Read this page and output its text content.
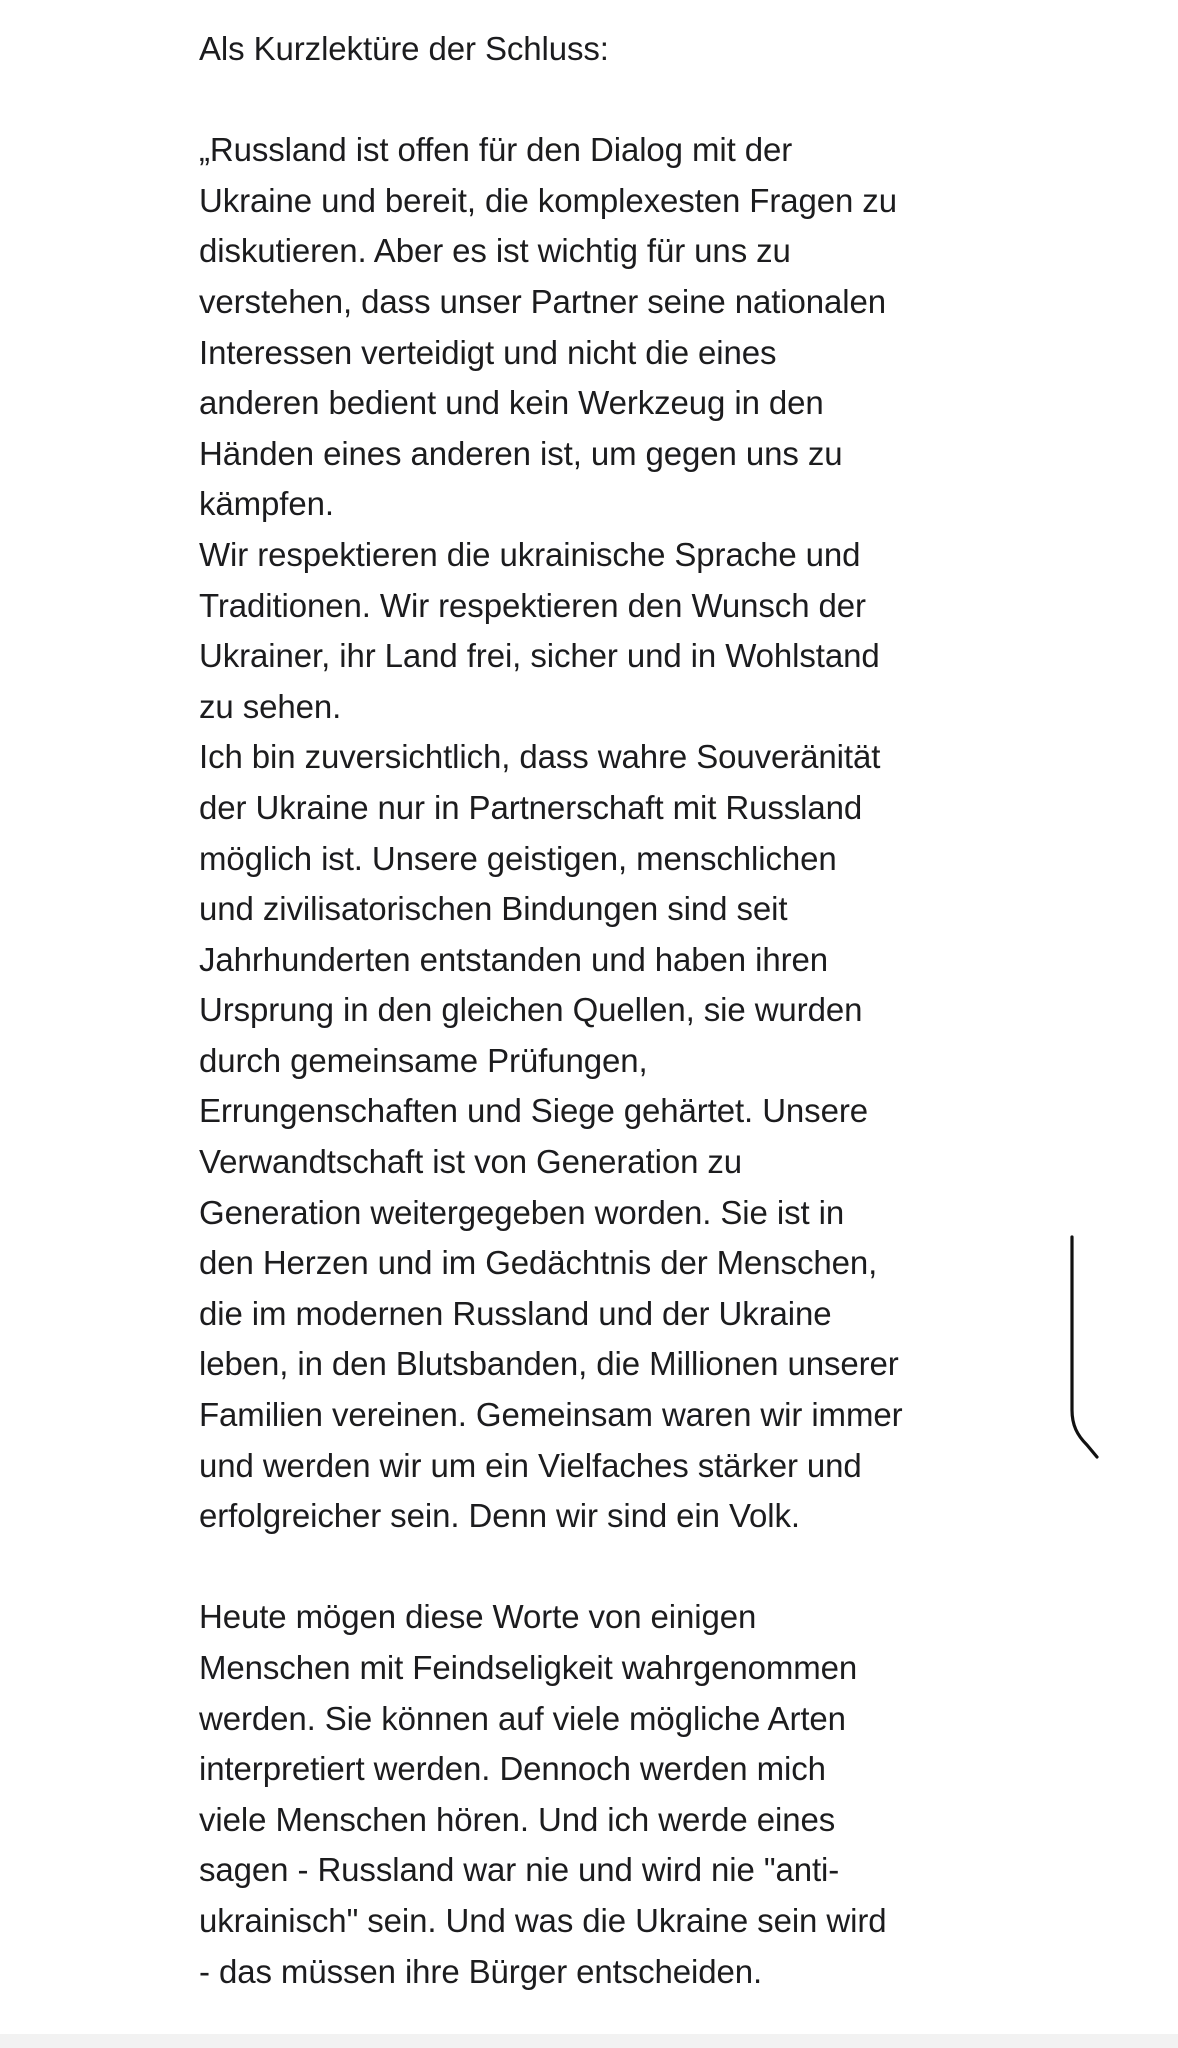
Als Kurzlektüre der Schluss:
„Russland ist offen für den Dialog mit der
Ukraine und bereit, die komplexesten Fragen zu
diskutieren. Aber es ist wichtig für uns zu
verstehen, dass unser Partner seine nationalen
Interessen verteidigt und nicht die eines
anderen bedient und kein Werkzeug in den
Händen eines anderen ist, um gegen uns zu
kämpfen.
Wir respektieren die ukrainische Sprache und
Traditionen. Wir respektieren den Wunsch der
Ukrainer, ihr Land frei, sicher und in Wohlstand
zu sehen.
Ich bin zuversichtlich, dass wahre Souveränität
der Ukraine nur in Partnerschaft mit Russland
möglich ist. Unsere geistigen, menschlichen
und zivilisatorischen Bindungen sind seit
Jahrhunderten entstanden und haben ihren
Ursprung in den gleichen Quellen, sie wurden
durch gemeinsame Prüfungen,
Errungenschaften und Siege gehärtet. Unsere
Verwandtschaft ist von Generation zu
Generation weitergegeben worden. Sie ist in
den Herzen und im Gedächtnis der Menschen,
die im modernen Russland und der Ukraine
leben, in den Blutsbanden, die Millionen unserer
Familien vereinen. Gemeinsam waren wir immer
und werden wir um ein Vielfaches stärker und
erfolgreicher sein. Denn wir sind ein Volk.
Heute mögen diese Worte von einigen
Menschen mit Feindseligkeit wahrgenommen
werden. Sie können auf viele mögliche Arten
interpretiert werden. Dennoch werden mich
viele Menschen hören. Und ich werde eines
sagen - Russland war nie und wird nie "anti-
ukrainisch" sein. Und was die Ukraine sein wird
- das müssen ihre Bürger entscheiden.
